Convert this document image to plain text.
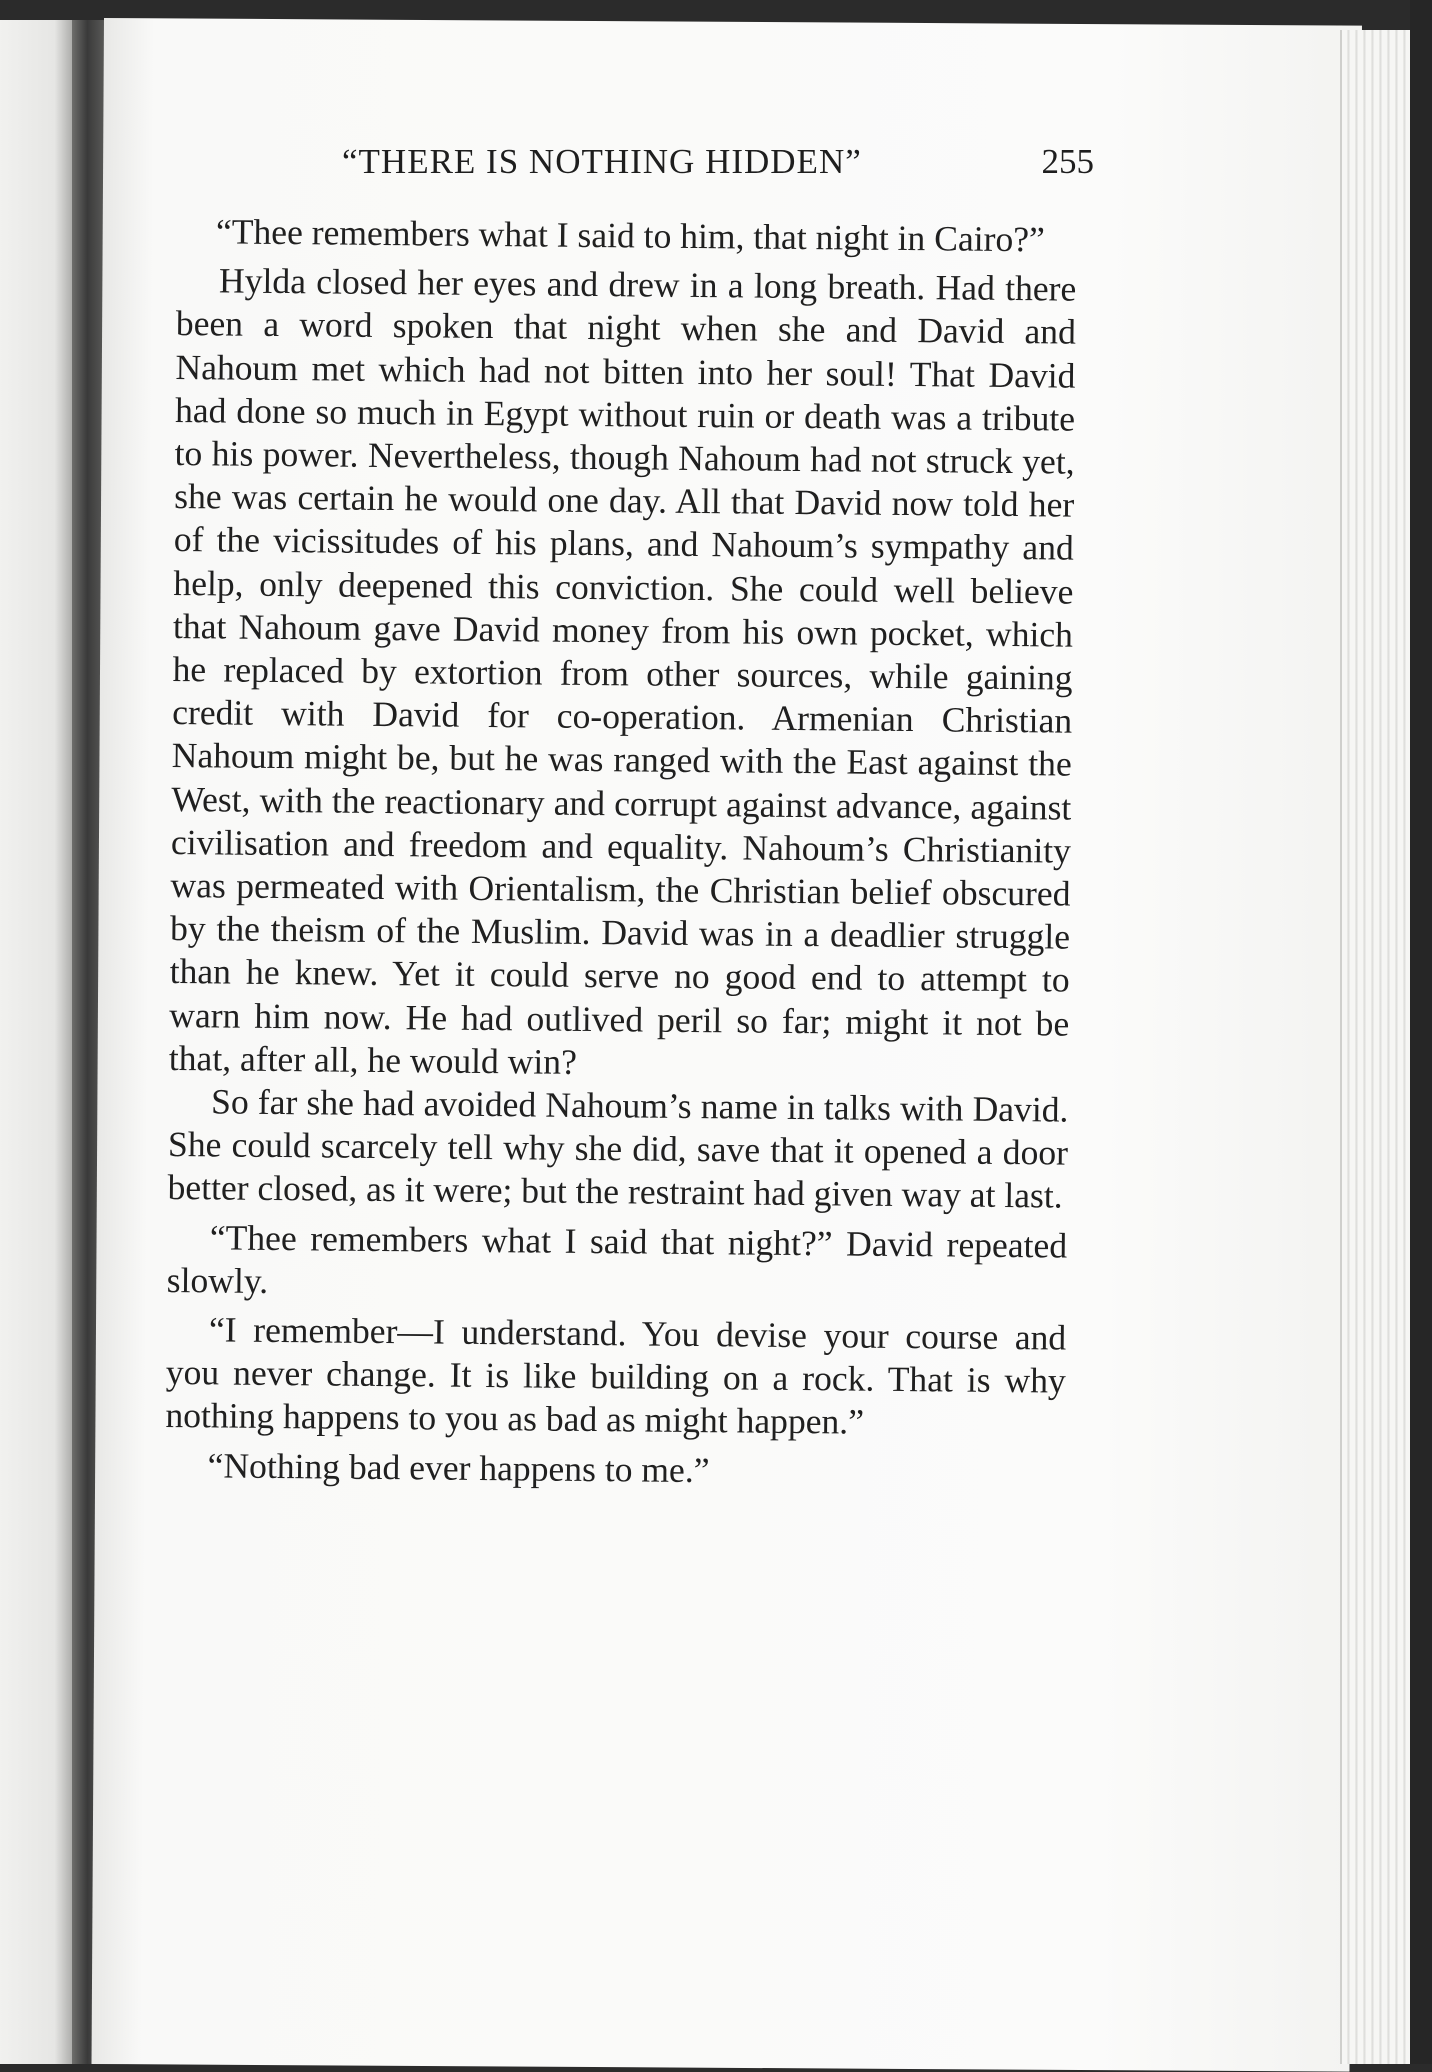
“THERE IS NOTHING HIDDEN”	255

“Thee remembers what I said to him, that night in Cairo?”

Hylda closed her eyes and drew in a long breath. Had there been a word spoken that night when she and David and Nahoum met which had not bitten into her soul! That David had done so much in Egypt without ruin or death was a tribute to his power. Nevertheless, though Nahoum had not struck yet, she was certain he would one day. All that David now told her of the vicissitudes of his plans, and Nahoum’s sympathy and help, only deepened this conviction. She could well believe that Nahoum gave David money from his own pocket, which he replaced by extortion from other sources, while gaining credit with David for co-operation. Armenian Christian Nahoum might be, but he was ranged with the East against the West, with the reactionary and corrupt against advance, against civilisation and freedom and equality. Nahoum’s Christianity was permeated with Orientalism, the Christian belief obscured by the theism of the Muslim. David was in a deadlier struggle than he knew. Yet it could serve no good end to attempt to warn him now. He had outlived peril so far; might it not be that, after all, he would win?

So far she had avoided Nahoum’s name in talks with David. She could scarcely tell why she did, save that it opened a door better closed, as it were; but the restraint had given way at last.

“Thee remembers what I said that night?” David repeated slowly.

“I remember—I understand. You devise your course and you never change. It is like building on a rock. That is why nothing happens to you as bad as might happen.”

“Nothing bad ever happens to me.”
